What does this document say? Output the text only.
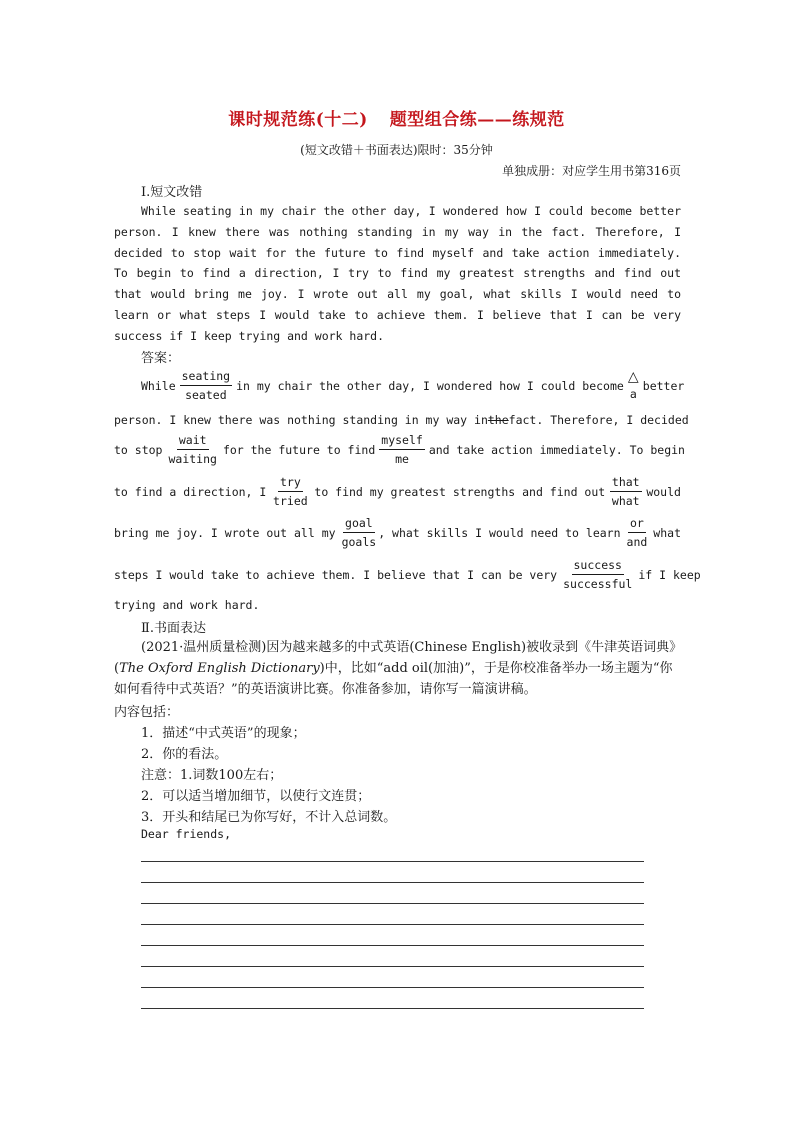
课时规范练(十二) 题型组合练——练规范
(短文改错＋书面表达)限时：35分钟
单独成册：对应学生用书第316页
Ⅰ.短文改错
While seating in my chair the other day, I wondered how I could become better person. I knew there was nothing standing in my way in the fact. Therefore, I decided to stop wait for the future to find myself and take action immediately. To begin to find a direction, I try to find my greatest strengths and find out that would bring me joy. I wrote out all my goal, what skills I would need to learn or what steps I would take to achieve them. I believe that I can be very success if I keep trying and work hard.
答案：
While
seating
seated
in my chair the other day, I wondered how I could become
△
a
better
person. I knew there was nothing standing in my way in the fact. Therefore, I decided
to stop
wait
waiting
for the future to find
myself
me
and take action immediately. To begin
to find a direction, I
try
tried
to find my greatest strengths and find out
that
what
would
bring me joy. I wrote out all my
goal
goals
, what skills I would need to learn
or
and
what
steps I would take to achieve them. I believe that I can be very
success
successful
if I keep
trying and work hard.
Ⅱ.书面表达
(2021·温州质量检测)因为越来越多的中式英语(Chinese English)被收录到《牛津英语词典》(The Oxford English Dictionary)中，比如“add oil(加油)”，于是你校准备举办一场主题为“你如何看待中式英语？”的英语演讲比赛。你准备参加，请你写一篇演讲稿。
内容包括：
1．描述“中式英语”的现象；
2．你的看法。
注意：1.词数100左右；
2．可以适当增加细节，以使行文连贯；
3．开头和结尾已为你写好，不计入总词数。
Dear friends,
